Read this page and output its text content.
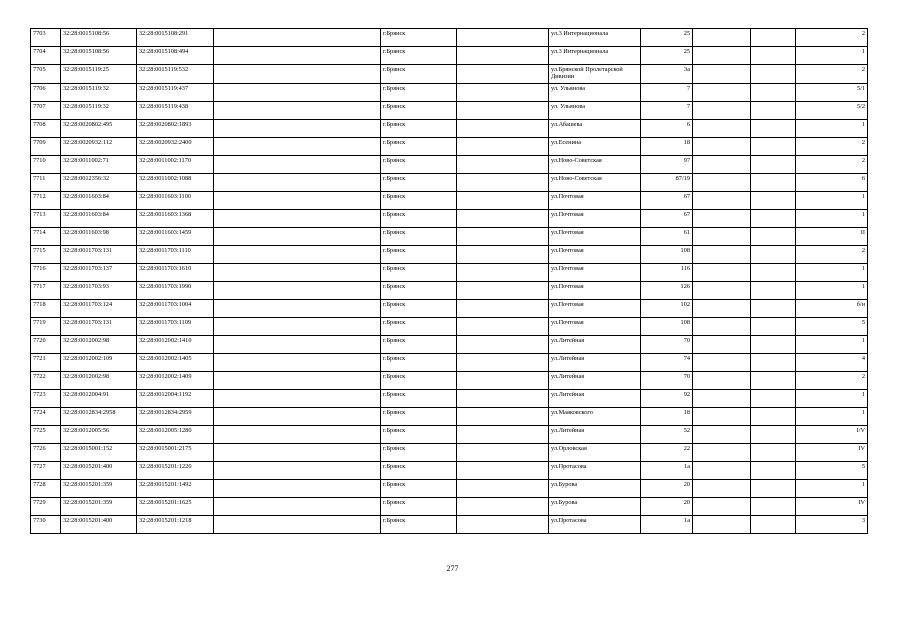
7703	32:28:0015108:56	32:28:0015108:291		г.Брянск		ул.3 Интернационала	25			2
7704	32:28:0015108:56	32:28:0015108:494		г.Брянск		ул.3 Интернационала	25			1
7705	32:28:0015119:25	32:28:0015119:532		г.Брянск		ул.Брянской Пролетарской Дивизии	3а			2
7706	32:28:0015119:32	32:28:0015119:437		г.Брянск		ул. Ульянова	7			5/1
7707	32:28:0015119:32	32:28:0015119:438		г.Брянск		ул. Ульянова	7			5/2
7708	32:28:0020802:495	32:28:0020802:1893		г.Брянск		ул.Абашева	6			1
7709	32:28:0020932:112	32:28:0020932:2400		г.Брянск		ул.Есенина	18			2
7710	32:28:0011002:71	32:28:0011002:1170		г.Брянск		ул.Ново-Советская	97			2
7711	32:28:0012356:32	32:28:0011002:1088		г.Брянск		ул.Ново-Советская	87/19			6
7712	32:28:0011603:84	32:28:0011603:1100		г.Брянск		ул.Почтовая	67			1
7713	32:28:0011603:84	32:28:0011603:1368		г.Брянск		ул.Почтовая	67			1
7714	32:28:0011603:98	32:28:0011603:1459		г.Брянск		ул.Почтовая	61			II
7715	32:28:0011703:131	32:28:0011703:1110		г.Брянск		ул.Почтовая	108			2
7716	32:28:0011703:137	32:28:0011703:1610		г.Брянск		ул.Почтовая	116			1
7717	32:28:0011703:93	32:28:0011703:1990		г.Брянск		ул.Почтовая	126			1
7718	32:28:0011703:124	32:28:0011703:1004		г.Брянск		ул.Почтовая	102			б/н
7719	32:28:0011703:131	32:28:0011703:1109		г.Брянск		ул.Почтовая	108			5
7720	32:28:0012002:98	32:28:0012002:1410		г.Брянск		ул.Литейная	70			1
7721	32:28:0012002:109	32:28:0012002:1405		г.Брянск		ул.Литейная	74			4
7722	32:28:0012002:98	32:28:0012002:1409		г.Брянск		ул.Литейная	70			2
7723	32:28:0012004:91	32:28:0012004:1192		г.Брянск		ул.Литейная	92			1
7724	32:28:0012834:2958	32:28:0012834:2959		г.Брянск		ул.Маяковского	18			1
7725	32:28:0012005:56	32:28:0012005:1280		г.Брянск		ул.Литейная	52			I/V
7726	32:28:0015001:152	32:28:0015001:2175		г.Брянск		ул.Орловская	22			IV
7727	32:28:0015201:400	32:28:0015201:1220		г.Брянск		ул.Протасова	1а			5
7728	32:28:0015201:359	32:28:0015201:1492		г.Брянск		ул.Бурова	20			1
7729	32:28:0015201:359	32:28:0015201:1625		г.Брянск		ул.Бурова	20			IV
7730	32:28:0015201:400	32:28:0015201:1218		г.Брянск		ул.Протасова	1а			3
277
